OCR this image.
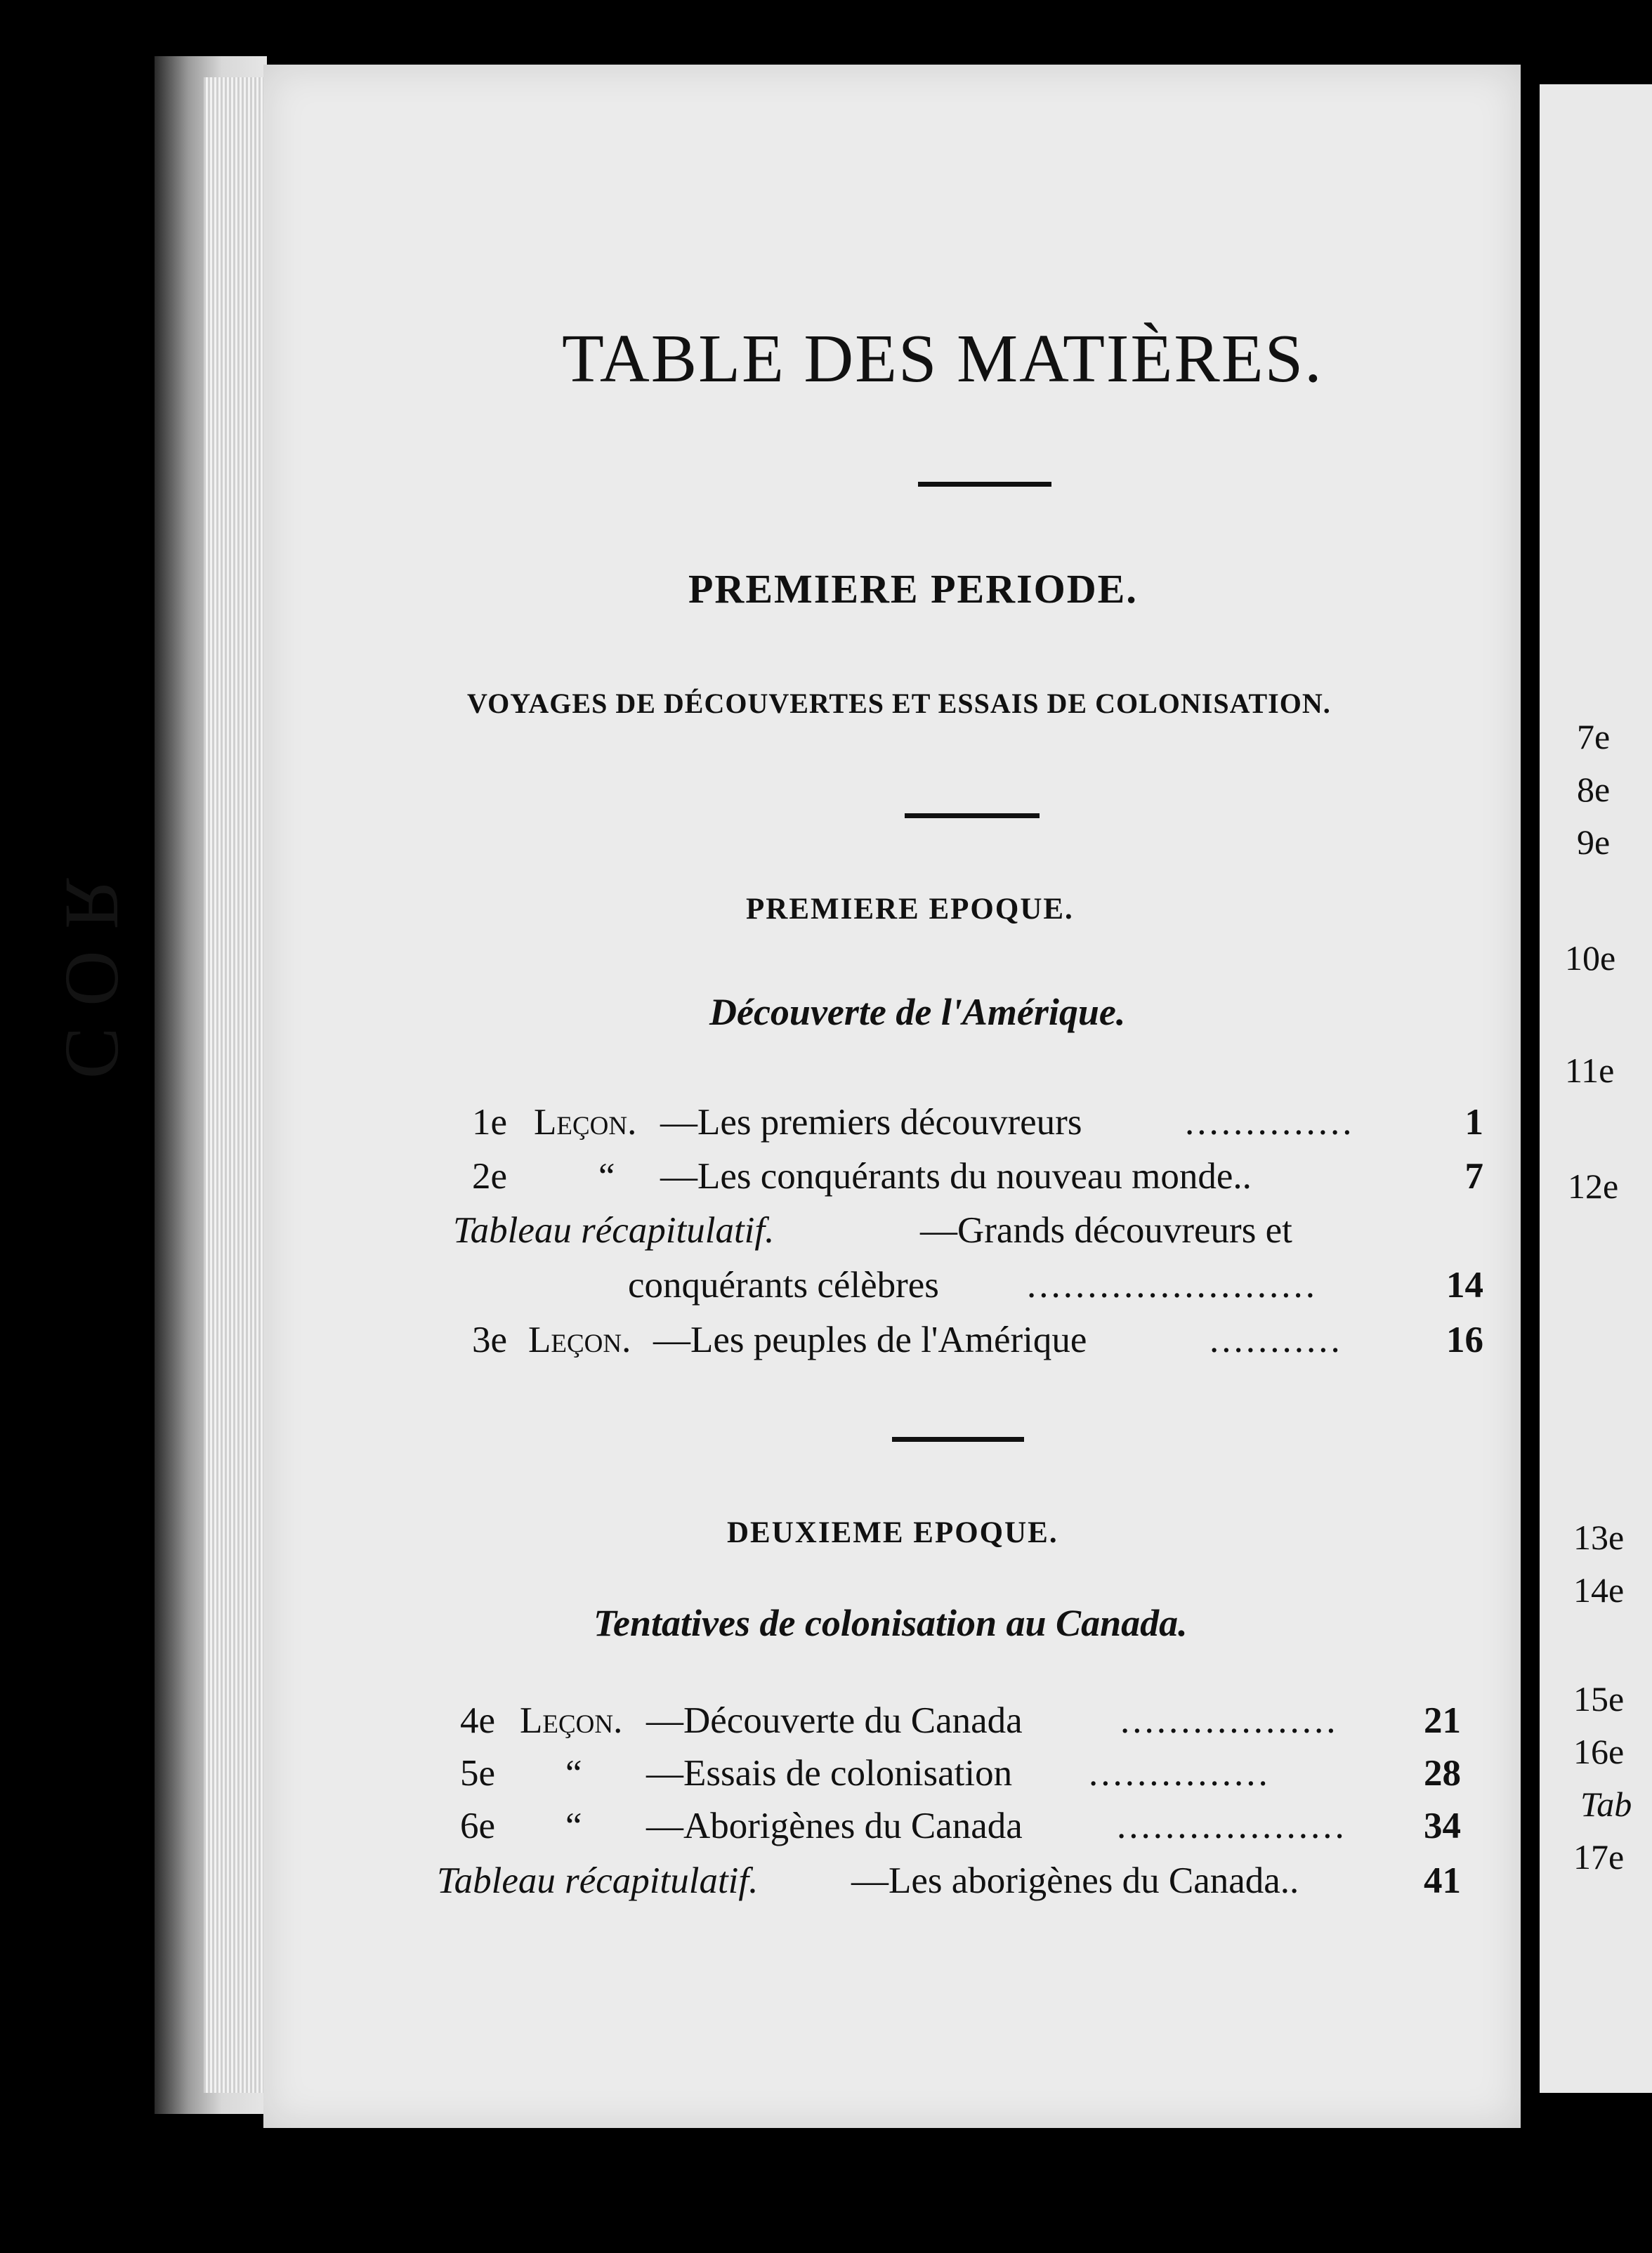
ЯOϽ
7e
8e
9e
10e
11e
12e
13e
14e
15e
16e
Tab
17e
TABLE DES MATIÈRES.
PREMIERE PERIODE.
VOYAGES DE DÉCOUVERTES ET ESSAIS DE COLONISATION.
PREMIERE EPOQUE.
Découverte de l'Amérique.
1e Leçon. —Les premiers découvreurs	..............	1
2e “ —Les conquérants du nouveau monde..	7
Tableau récapitulatif.	—Grands découvreurs et
conquérants célèbres ........................	14
3e Leçon. —Les peuples de l'Amérique	...........	16
DEUXIEME EPOQUE.
Tentatives de colonisation au Canada.
4e Leçon. —Découverte du Canada	..................	21
5e “ —Essais de colonisation ...............	28
6e “ —Aborigènes du Canada	...................	34
Tableau récapitulatif.	—Les aborigènes du Canada..	41
